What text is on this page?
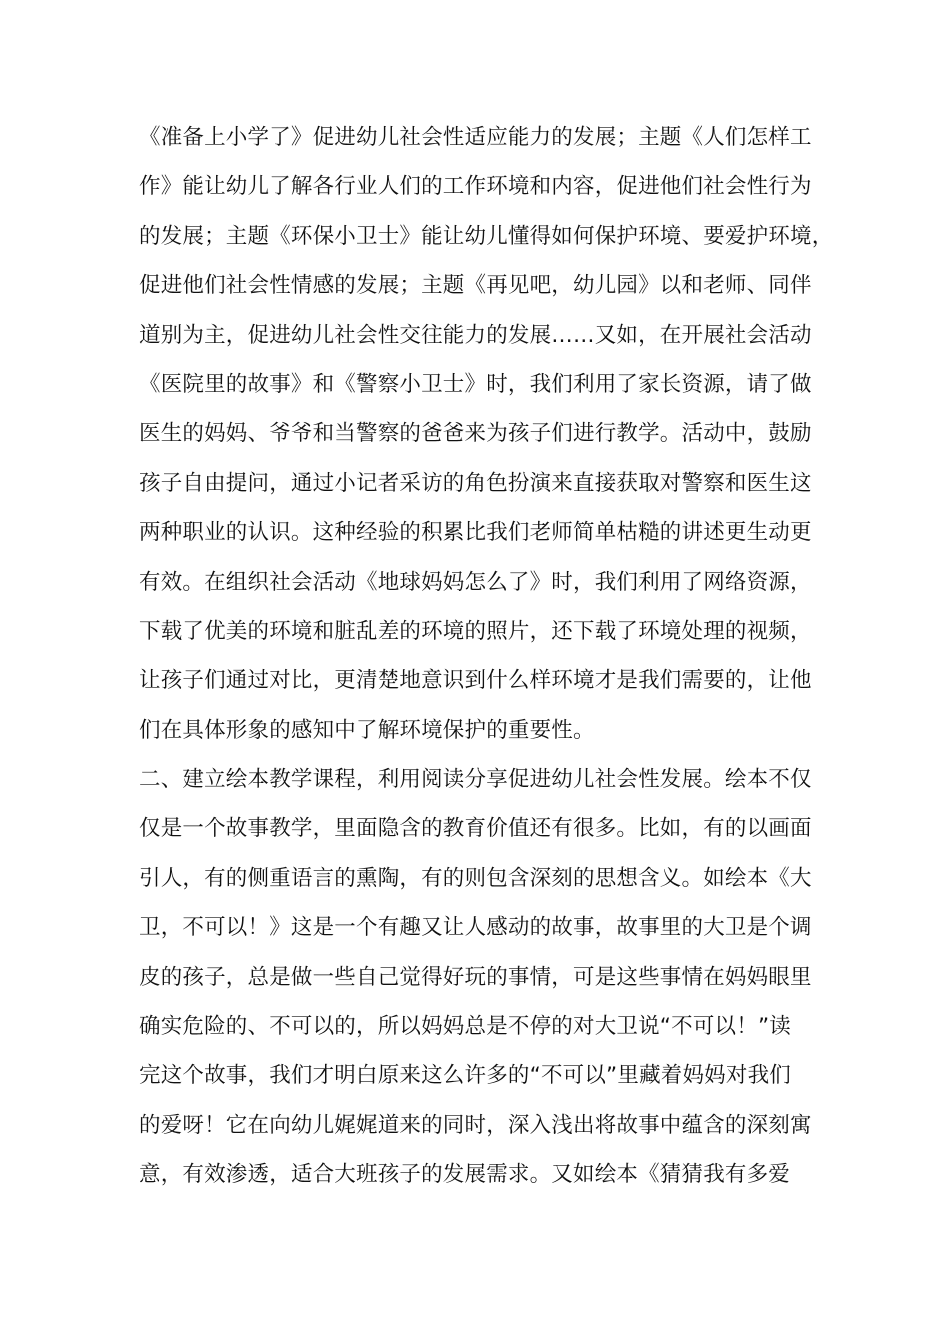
《准备上小学了》促进幼儿社会性适应能力的发展；主题《人们怎样工
作》能让幼儿了解各行业人们的工作环境和内容，促进他们社会性行为
的发展；主题《环保小卫士》能让幼儿懂得如何保护环境、要爱护环境，
促进他们社会性情感的发展；主题《再见吧，幼儿园》以和老师、同伴
道别为主，促进幼儿社会性交往能力的发展……又如，在开展社会活动
《医院里的故事》和《警察小卫士》时，我们利用了家长资源，请了做
医生的妈妈、爷爷和当警察的爸爸来为孩子们进行教学。活动中，鼓励
孩子自由提问，通过小记者采访的角色扮演来直接获取对警察和医生这
两种职业的认识。这种经验的积累比我们老师简单枯糙的讲述更生动更
有效。在组织社会活动《地球妈妈怎么了》时，我们利用了网络资源，
下载了优美的环境和脏乱差的环境的照片，还下载了环境处理的视频，
让孩子们通过对比，更清楚地意识到什么样环境才是我们需要的，让他
们在具体形象的感知中了解环境保护的重要性。
二、建立绘本教学课程，利用阅读分享促进幼儿社会性发展。绘本不仅
仅是一个故事教学，里面隐含的教育价值还有很多。比如，有的以画面
引人，有的侧重语言的熏陶，有的则包含深刻的思想含义。如绘本《大
卫，不可以！》这是一个有趣又让人感动的故事，故事里的大卫是个调
皮的孩子，总是做一些自己觉得好玩的事情，可是这些事情在妈妈眼里
确实危险的、不可以的，所以妈妈总是不停的对大卫说“不可以！”读
完这个故事，我们才明白原来这么许多的“不可以”里藏着妈妈对我们
的爱呀！它在向幼儿娓娓道来的同时，深入浅出将故事中蕴含的深刻寓
意，有效渗透，适合大班孩子的发展需求。又如绘本《猜猜我有多爱
